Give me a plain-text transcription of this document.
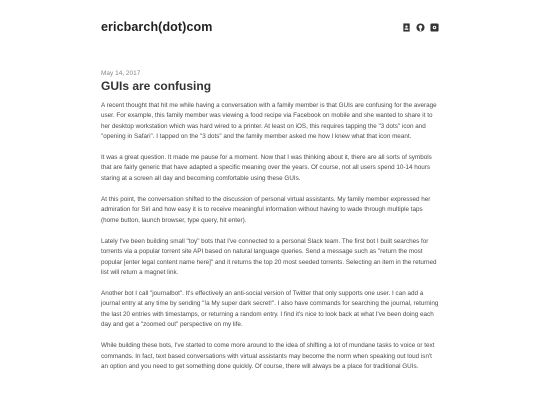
ericbarch(dot)com
May 14, 2017
GUIs are confusing

A recent thought that hit me while having a conversation with a family member is that GUIs are confusing for the average user. For example, this family member was viewing a food recipe via Facebook on mobile and she wanted to share it to her desktop workstation which was hard wired to a printer. At least on iOS, this requires tapping the "3 dots" icon and "opening in Safari". I tapped on the "3 dots" and the family member asked me how I knew what that icon meant.

It was a great question. It made me pause for a moment. Now that I was thinking about it, there are all sorts of symbols that are fairly generic that have adapted a specific meaning over the years. Of course, not all users spend 10-14 hours staring at a screen all day and becoming comfortable using these GUIs.

At this point, the conversation shifted to the discussion of personal virtual assistants. My family member expressed her admiration for Siri and how easy it is to receive meaningful information without having to wade through multiple taps (home button, launch browser, type query, hit enter).

Lately I've been building small "toy" bots that I've connected to a personal Slack team. The first bot I built searches for torrents via a popular torrent site API based on natural language queries. Send a message such as "return the most popular [enter legal content name here]" and it returns the top 20 most seeded torrents. Selecting an item in the returned list will return a magnet link.

Another bot I call "journalbot". It's effectively an anti-social version of Twitter that only supports one user. I can add a journal entry at any time by sending "!a My super dark secret!". I also have commands for searching the journal, returning the last 20 entries with timestamps, or returning a random entry. I find it's nice to look back at what I've been doing each day and get a "zoomed out" perspective on my life.

While building these bots, I've started to come more around to the idea of shifting a lot of mundane tasks to voice or text commands. In fact, text based conversations with virtual assistants may become the norm when speaking out loud isn't an option and you need to get something done quickly. Of course, there will always be a place for traditional GUIs.
